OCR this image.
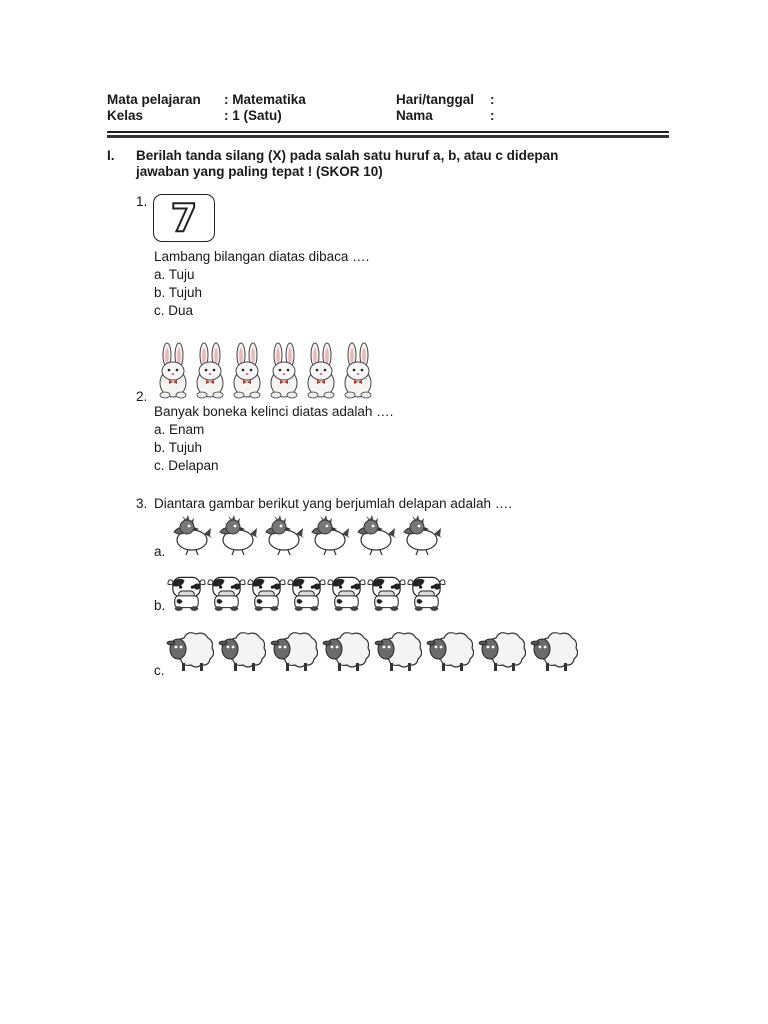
Mata pelajaran : Matematika	Hari/tanggal :
Kelas	: 1 (Satu)	Nama	:
I. Berilah tanda silang (X) pada salah satu huruf a, b, atau c didepan
jawaban yang paling tepat ! (SKOR 10)
1. 7
Lambang bilangan diatas dibaca ….
a. Tuju
b. Tujuh
c. Dua
2.
Banyak boneka kelinci diatas adalah ….
a. Enam
b. Tujuh
c. Delapan
3. Diantara gambar berikut yang berjumlah delapan adalah ….
a.
b.
c.
